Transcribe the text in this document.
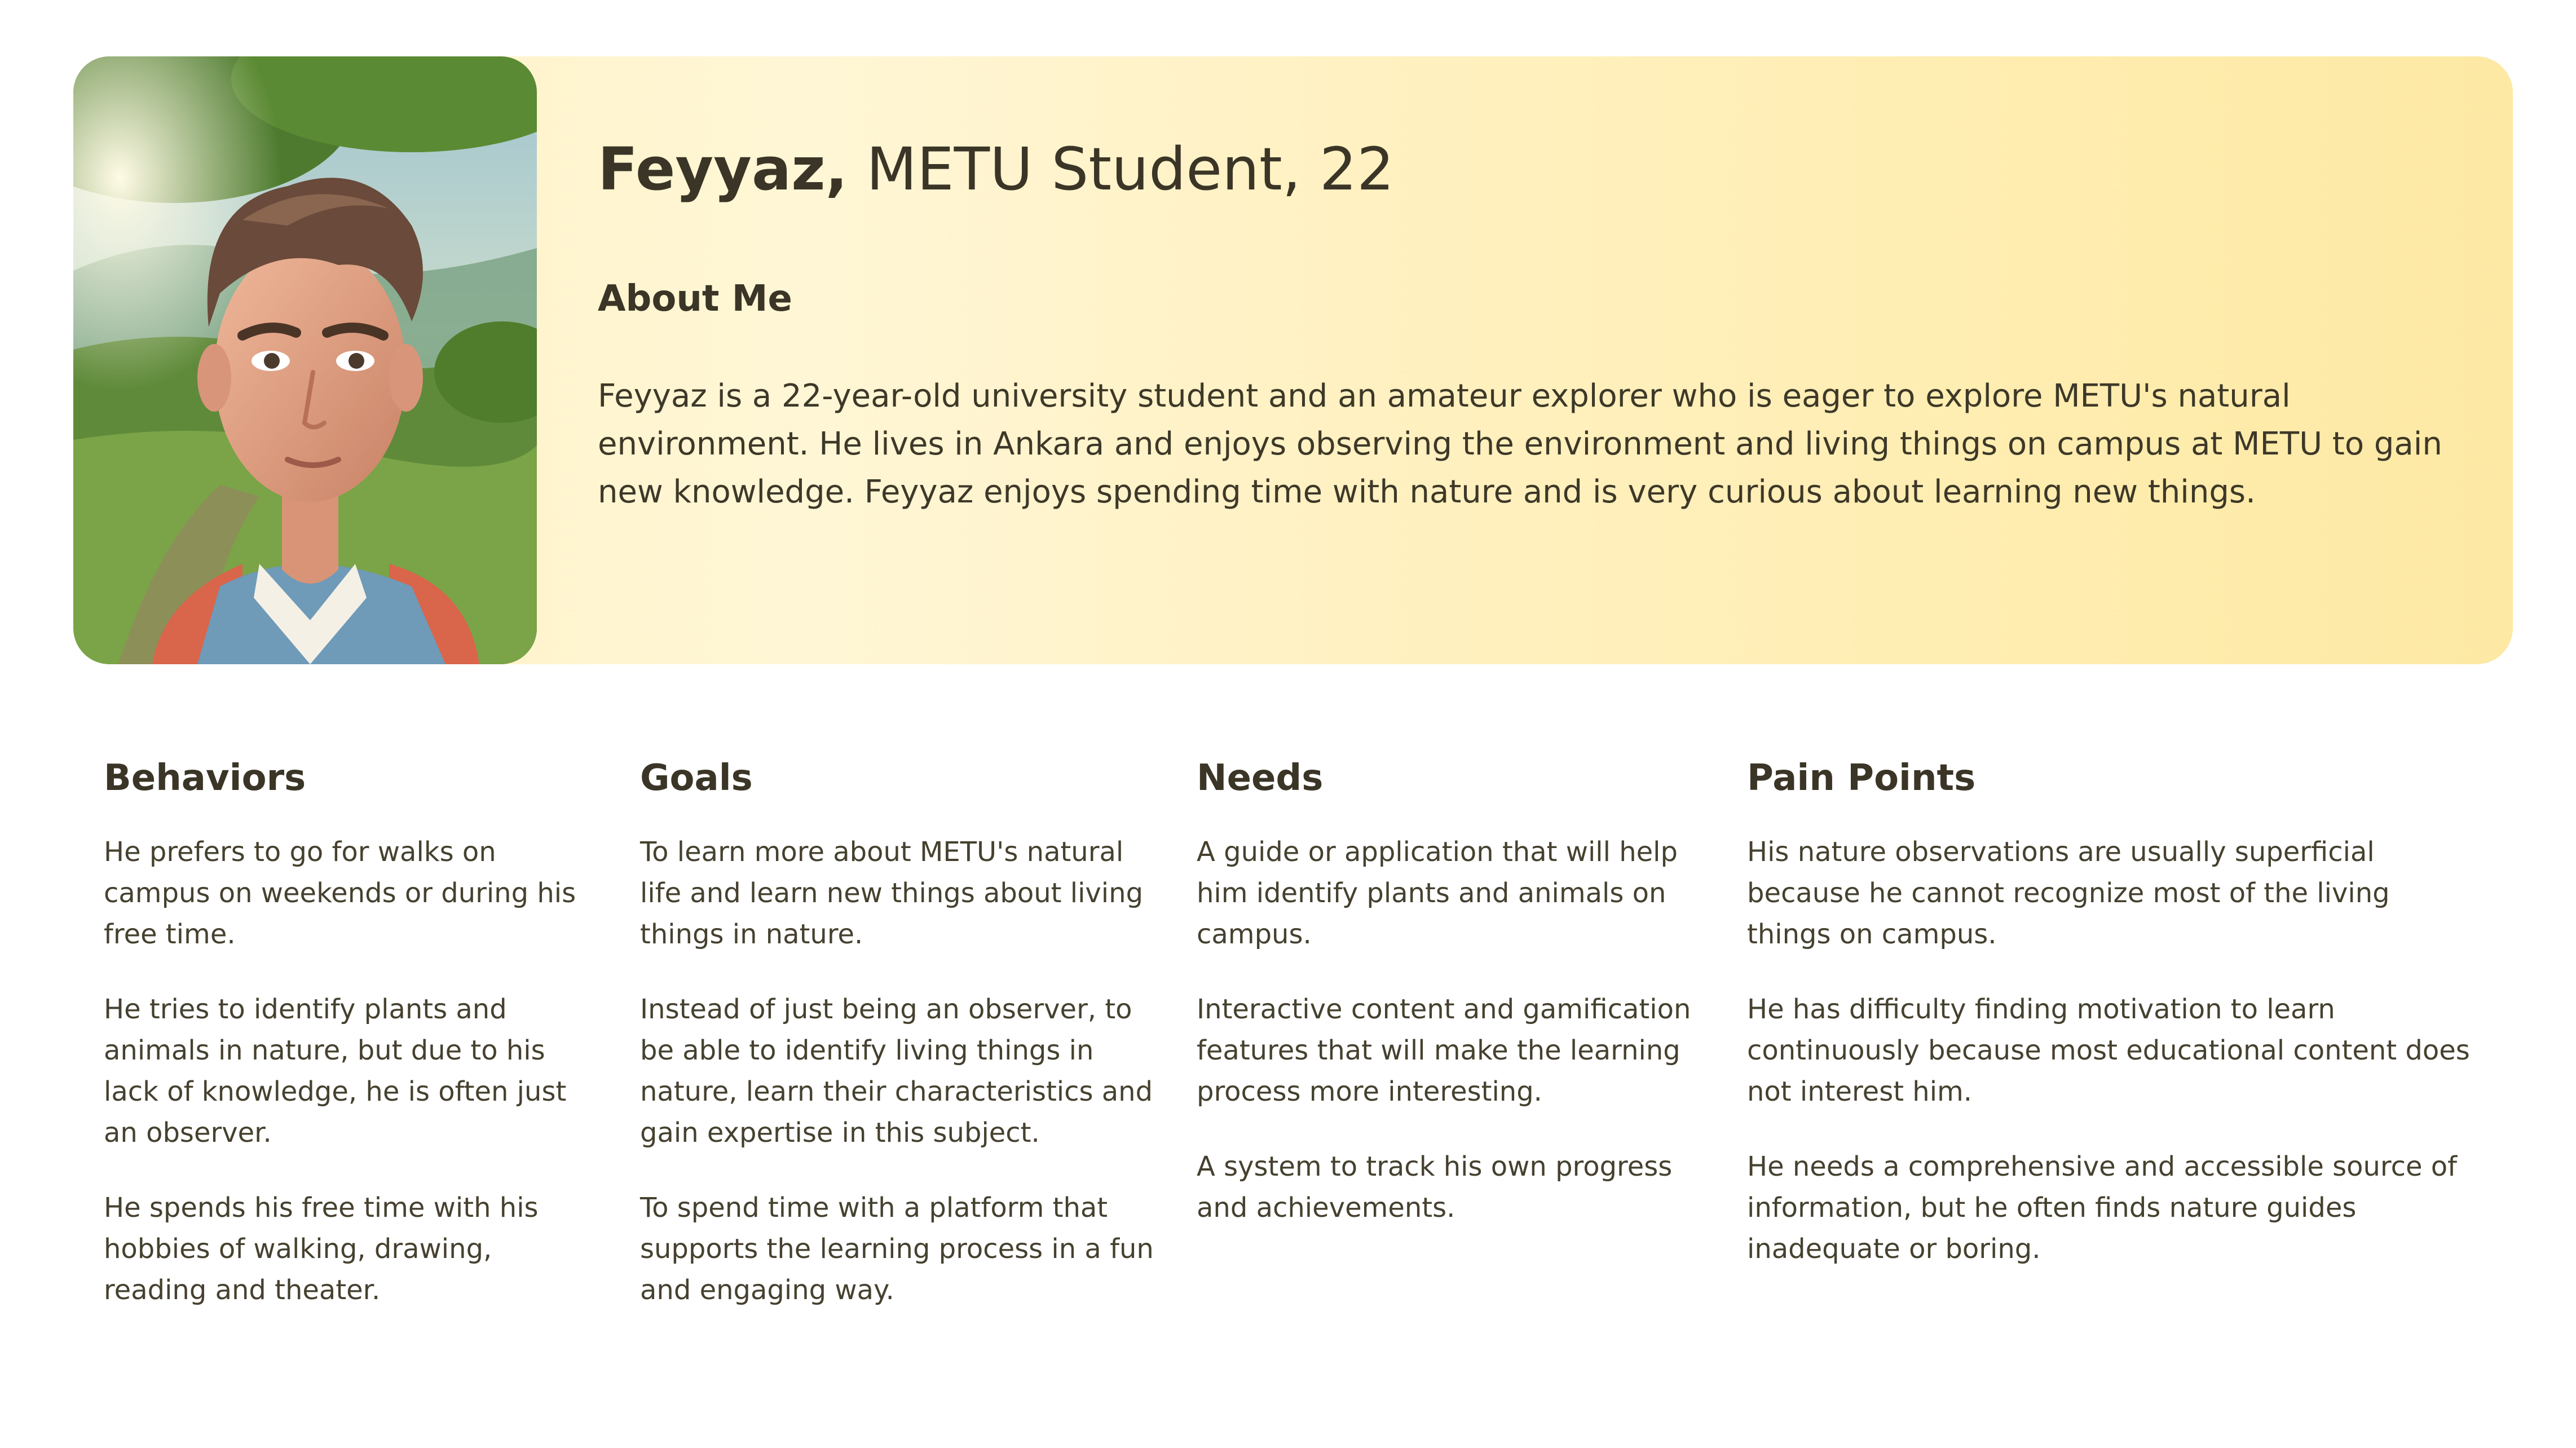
Feyyaz, METU Student, 22
About Me

Feyyaz is a 22-year-old university student and an amateur explorer who is eager to explore METU's natural environment. He lives in Ankara and enjoys observing the environment and living things on campus at METU to gain new knowledge. Feyyaz enjoys spending time with nature and is very curious about learning new things.

Behaviors

He prefers to go for walks on campus on weekends or during his free time.

He tries to identify plants and animals in nature, but due to his lack of knowledge, he is often just an observer.

He spends his free time with his hobbies of walking, drawing, reading and theater.

Goals

To learn more about METU's natural life and learn new things about living things in nature.

Instead of just being an observer, to be able to identify living things in nature, learn their characteristics and gain expertise in this subject.

To spend time with a platform that supports the learning process in a fun and engaging way.

Needs

A guide or application that will help him identify plants and animals on campus.

Interactive content and gamification features that will make the learning process more interesting.

A system to track his own progress and achievements.

Pain Points

His nature observations are usually superficial because he cannot recognize most of the living things on campus.

He has difficulty finding motivation to learn continuously because most educational content does not interest him.

He needs a comprehensive and accessible source of information, but he often finds nature guides inadequate or boring.
